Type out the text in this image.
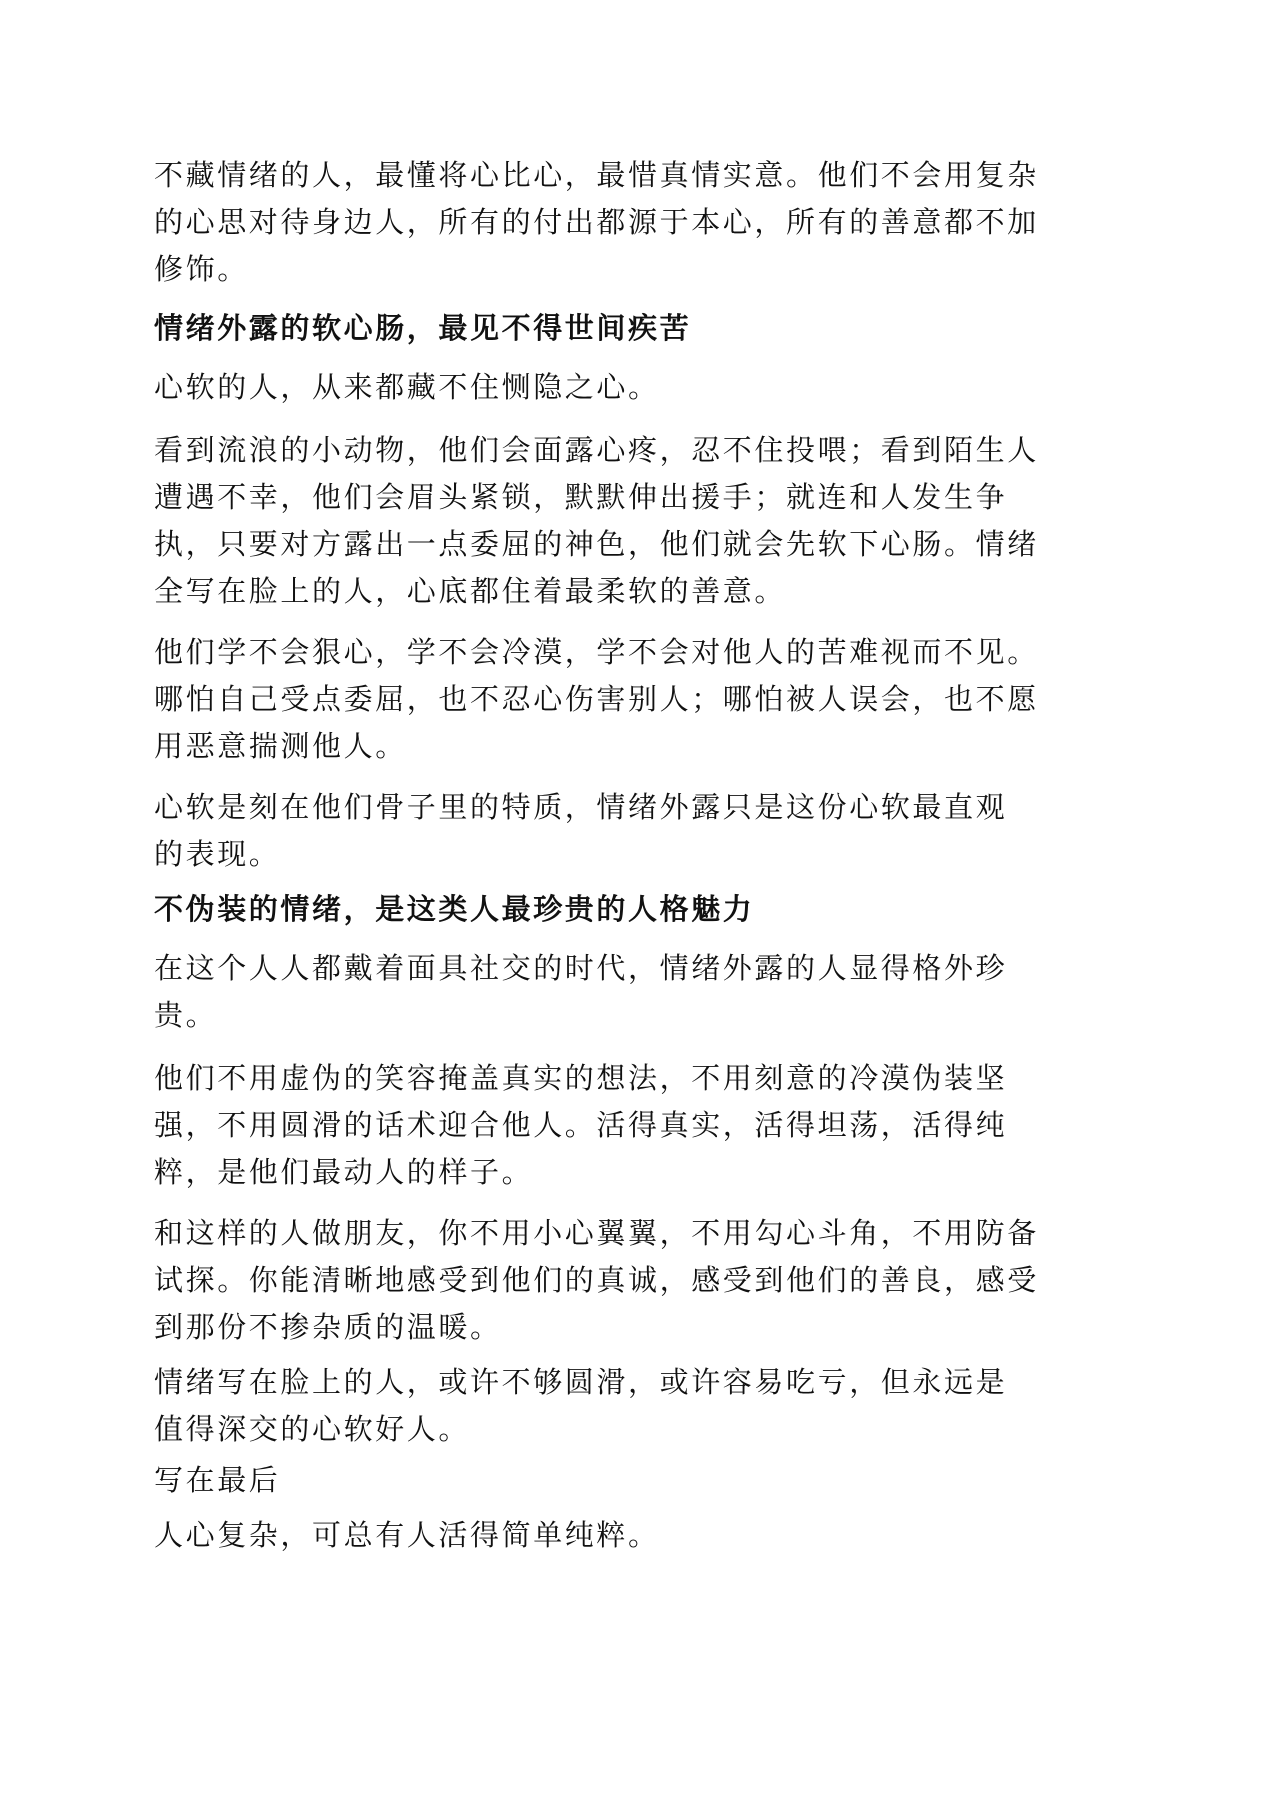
不藏情绪的人，最懂将心比心，最惜真情实意。他们不会用复杂
的心思对待身边人，所有的付出都源于本心，所有的善意都不加
修饰。

情绪外露的软心肠，最见不得世间疾苦

心软的人，从来都藏不住恻隐之心。

看到流浪的小动物，他们会面露心疼，忍不住投喂；看到陌生人
遭遇不幸，他们会眉头紧锁，默默伸出援手；就连和人发生争
执，只要对方露出一点委屈的神色，他们就会先软下心肠。情绪
全写在脸上的人，心底都住着最柔软的善意。

他们学不会狠心，学不会冷漠，学不会对他人的苦难视而不见。
哪怕自己受点委屈，也不忍心伤害别人；哪怕被人误会，也不愿
用恶意揣测他人。

心软是刻在他们骨子里的特质，情绪外露只是这份心软最直观
的表现。

不伪装的情绪，是这类人最珍贵的人格魅力

在这个人人都戴着面具社交的时代，情绪外露的人显得格外珍
贵。

他们不用虚伪的笑容掩盖真实的想法，不用刻意的冷漠伪装坚
强，不用圆滑的话术迎合他人。活得真实，活得坦荡，活得纯
粹，是他们最动人的样子。

和这样的人做朋友，你不用小心翼翼，不用勾心斗角，不用防备
试探。你能清晰地感受到他们的真诚，感受到他们的善良，感受
到那份不掺杂质的温暖。

情绪写在脸上的人，或许不够圆滑，或许容易吃亏，但永远是
值得深交的心软好人。

写在最后

人心复杂，可总有人活得简单纯粹。
